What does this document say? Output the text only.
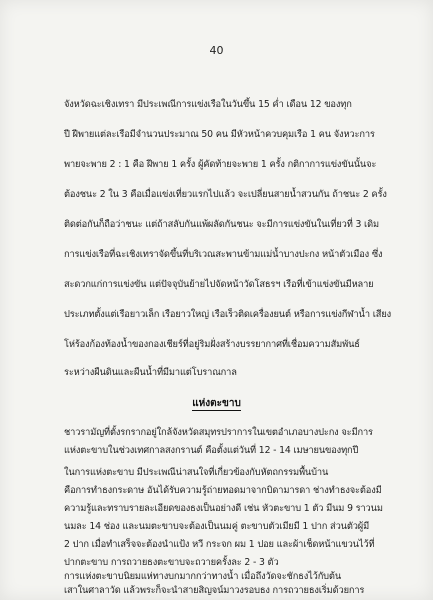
40
จังหวัดฉะเชิงเทรา มีประเพณีการแข่งเรือในวันขึ้น 15 ค่ำ เดือน 12 ของทุก
ปี ฝีพายแต่ละเรือมีจำนวนประมาณ 50 คน มีหัวหน้าควบคุมเรือ 1 คน จังหวะการ
พายจะพาย 2 : 1 คือ ฝีพาย 1 ครั้ง ผู้คัดท้ายจะพาย 1 ครั้ง กติกาการแข่งขันนั้นจะ
ต้องชนะ 2 ใน 3 คือเมื่อแข่งเที่ยวแรกไปแล้ว จะเปลี่ยนสายน้ำสวนกัน ถ้าชนะ 2 ครั้ง
ติดต่อกันก็ถือว่าชนะ แต่ถ้าสลับกันแพ้ผลัดกันชนะ จะมีการแข่งขันในเที่ยวที่ 3 เดิม
การแข่งเรือที่ฉะเชิงเทราจัดขึ้นที่บริเวณสะพานข้ามแม่น้ำบางปะกง หน้าตัวเมือง ซึ่ง
สะดวกแก่การแข่งขัน แต่ปัจจุบันย้ายไปจัดหน้าวัดโสธรฯ เรือที่เข้าแข่งขันมีหลาย
ประเภทตั้งแต่เรือยาวเล็ก เรือยาวใหญ่ เรือเร็วติดเครื่องยนต์ หรือการแข่งกีฬาน้ำ เสียง
โห่ร้องก้องท้องน้ำของกองเชียร์ที่อยู่ริมฝั่งสร้างบรรยากาศที่เชื่อมความสัมพันธ์
ระหว่างผืนดินและผืนน้ำที่มีมาแต่โบราณกาล
แห่งตะขาบ
ชาวรามัญที่ตั้งรกรากอยู่ใกล้จังหวัดสมุทรปราการในเขตอำเภอบางปะกง จะมีการ
แห่งตะขาบในช่วงเทศกาลสงกรานต์ คือตั้งแต่วันที่ 12 - 14 เมษายนของทุกปี
ในการแห่งตะขาบ มีประเพณีน่าสนใจที่เกี่ยวข้องกับหัตถกรรมพื้นบ้าน
คือการทำธงกระดาษ อันได้รับความรู้ถ่ายทอดมาจากบิดามารดา ช่างทำธงจะต้องมี
ความรู้และทราบรายละเอียดของธงเป็นอย่างดี เช่น หัวตะขาบ 1 ตัว มีนม 9 ราวนม
นมละ 14 ช่อง และนมตะขาบจะต้องเป็นนมคู่ ตะขาบตัวเมียมี 1 ปาก ส่วนตัวผู้มี
2 ปาก เมื่อทำเสร็จจะต้องนำแป้ง หวี กระจก ผม 1 ปอย และผ้าเช็ดหน้าแขวนไว้ที่
ปากตะขาบ การถวายธงตะขาบจะถวายครั้งละ 2 - 3 ตัว
การแห่งตะขาบนิยมแห่ทางบกมากกว่าทางน้ำ เมื่อถึงวัดจะชักธงไว้กับต้น
เสาในศาลาวัด แล้วพระก็จะนำสายสิญจน์มาวงรอบธง การถวายธงเริ่มด้วยการ
